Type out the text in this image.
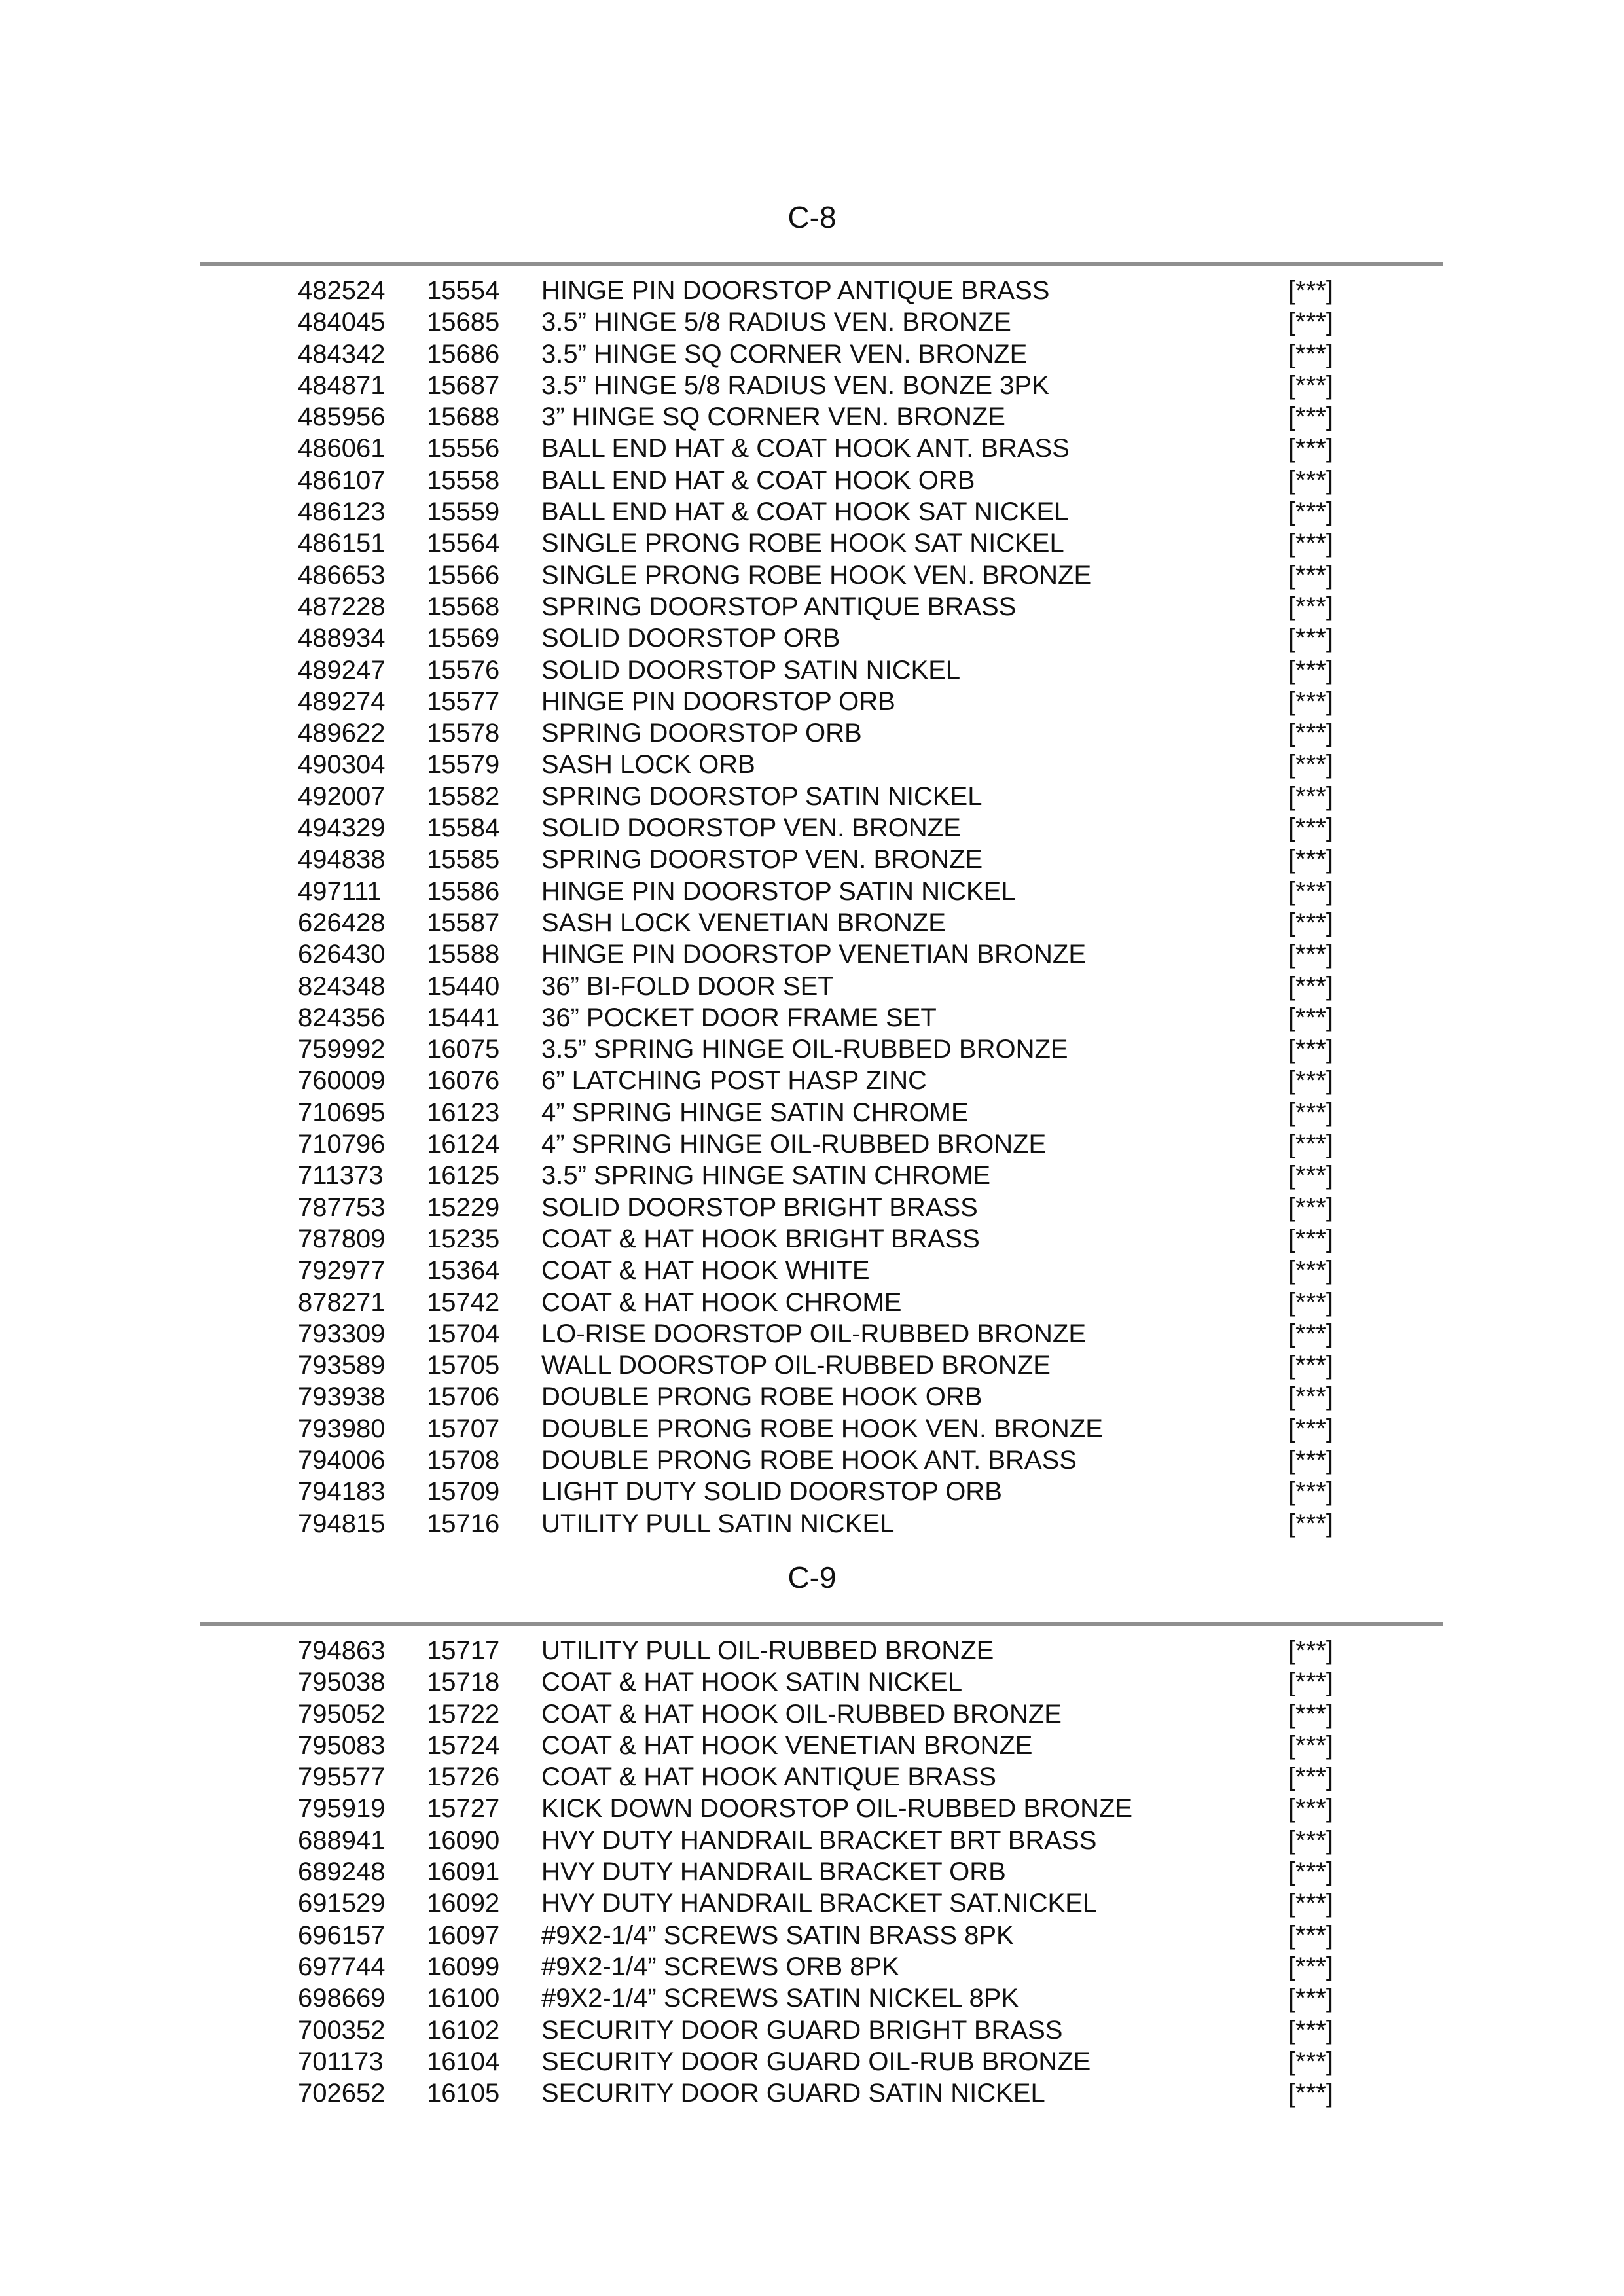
C-8
482524 15554 HINGE PIN DOORSTOP ANTIQUE BRASS	[***]
484045 15685 3.5” HINGE 5/8 RADIUS VEN. BRONZE	[***]
484342 15686 3.5” HINGE SQ CORNER VEN. BRONZE	[***]
484871 15687 3.5” HINGE 5/8 RADIUS VEN. BONZE 3PK	[***]
485956 15688 3” HINGE SQ CORNER VEN. BRONZE	[***]
486061 15556 BALL END HAT & COAT HOOK ANT. BRASS	[***]
486107 15558 BALL END HAT & COAT HOOK ORB	[***]
486123 15559 BALL END HAT & COAT HOOK SAT NICKEL	[***]
486151 15564 SINGLE PRONG ROBE HOOK SAT NICKEL	[***]
486653 15566 SINGLE PRONG ROBE HOOK VEN. BRONZE	[***]
487228 15568 SPRING DOORSTOP ANTIQUE BRASS	[***]
488934 15569 SOLID DOORSTOP ORB	[***]
489247 15576 SOLID DOORSTOP SATIN NICKEL	[***]
489274 15577 HINGE PIN DOORSTOP ORB	[***]
489622 15578 SPRING DOORSTOP ORB	[***]
490304 15579 SASH LOCK ORB	[***]
492007 15582 SPRING DOORSTOP SATIN NICKEL	[***]
494329 15584 SOLID DOORSTOP VEN. BRONZE	[***]
494838 15585 SPRING DOORSTOP VEN. BRONZE	[***]
497111 15586 HINGE PIN DOORSTOP SATIN NICKEL	[***]
626428 15587 SASH LOCK VENETIAN BRONZE	[***]
626430 15588 HINGE PIN DOORSTOP VENETIAN BRONZE	[***]
824348 15440 36” BI-FOLD DOOR SET	[***]
824356 15441 36” POCKET DOOR FRAME SET	[***]
759992 16075 3.5” SPRING HINGE OIL-RUBBED BRONZE	[***]
760009 16076 6” LATCHING POST HASP ZINC	[***]
710695 16123 4” SPRING HINGE SATIN CHROME	[***]
710796 16124 4” SPRING HINGE OIL-RUBBED BRONZE	[***]
711373 16125 3.5” SPRING HINGE SATIN CHROME	[***]
787753 15229 SOLID DOORSTOP BRIGHT BRASS	[***]
787809 15235 COAT & HAT HOOK BRIGHT BRASS	[***]
792977 15364 COAT & HAT HOOK WHITE	[***]
878271 15742 COAT & HAT HOOK CHROME	[***]
793309 15704 LO-RISE DOORSTOP OIL-RUBBED BRONZE	[***]
793589 15705 WALL DOORSTOP OIL-RUBBED BRONZE	[***]
793938 15706 DOUBLE PRONG ROBE HOOK ORB	[***]
793980 15707 DOUBLE PRONG ROBE HOOK VEN. BRONZE	[***]
794006 15708 DOUBLE PRONG ROBE HOOK ANT. BRASS	[***]
794183 15709 LIGHT DUTY SOLID DOORSTOP ORB	[***]
794815 15716 UTILITY PULL SATIN NICKEL	[***]
C-9
794863 15717 UTILITY PULL OIL-RUBBED BRONZE	[***]
795038 15718 COAT & HAT HOOK SATIN NICKEL	[***]
795052 15722 COAT & HAT HOOK OIL-RUBBED BRONZE	[***]
795083 15724 COAT & HAT HOOK VENETIAN BRONZE	[***]
795577 15726 COAT & HAT HOOK ANTIQUE BRASS	[***]
795919 15727 KICK DOWN DOORSTOP OIL-RUBBED BRONZE	[***]
688941 16090 HVY DUTY HANDRAIL BRACKET BRT BRASS	[***]
689248 16091 HVY DUTY HANDRAIL BRACKET ORB	[***]
691529 16092 HVY DUTY HANDRAIL BRACKET SAT.NICKEL	[***]
696157 16097 #9X2-1/4” SCREWS SATIN BRASS 8PK	[***]
697744 16099 #9X2-1/4” SCREWS ORB 8PK	[***]
698669 16100 #9X2-1/4” SCREWS SATIN NICKEL 8PK	[***]
700352 16102 SECURITY DOOR GUARD BRIGHT BRASS	[***]
701173 16104 SECURITY DOOR GUARD OIL-RUB BRONZE	[***]
702652 16105 SECURITY DOOR GUARD SATIN NICKEL	[***]
